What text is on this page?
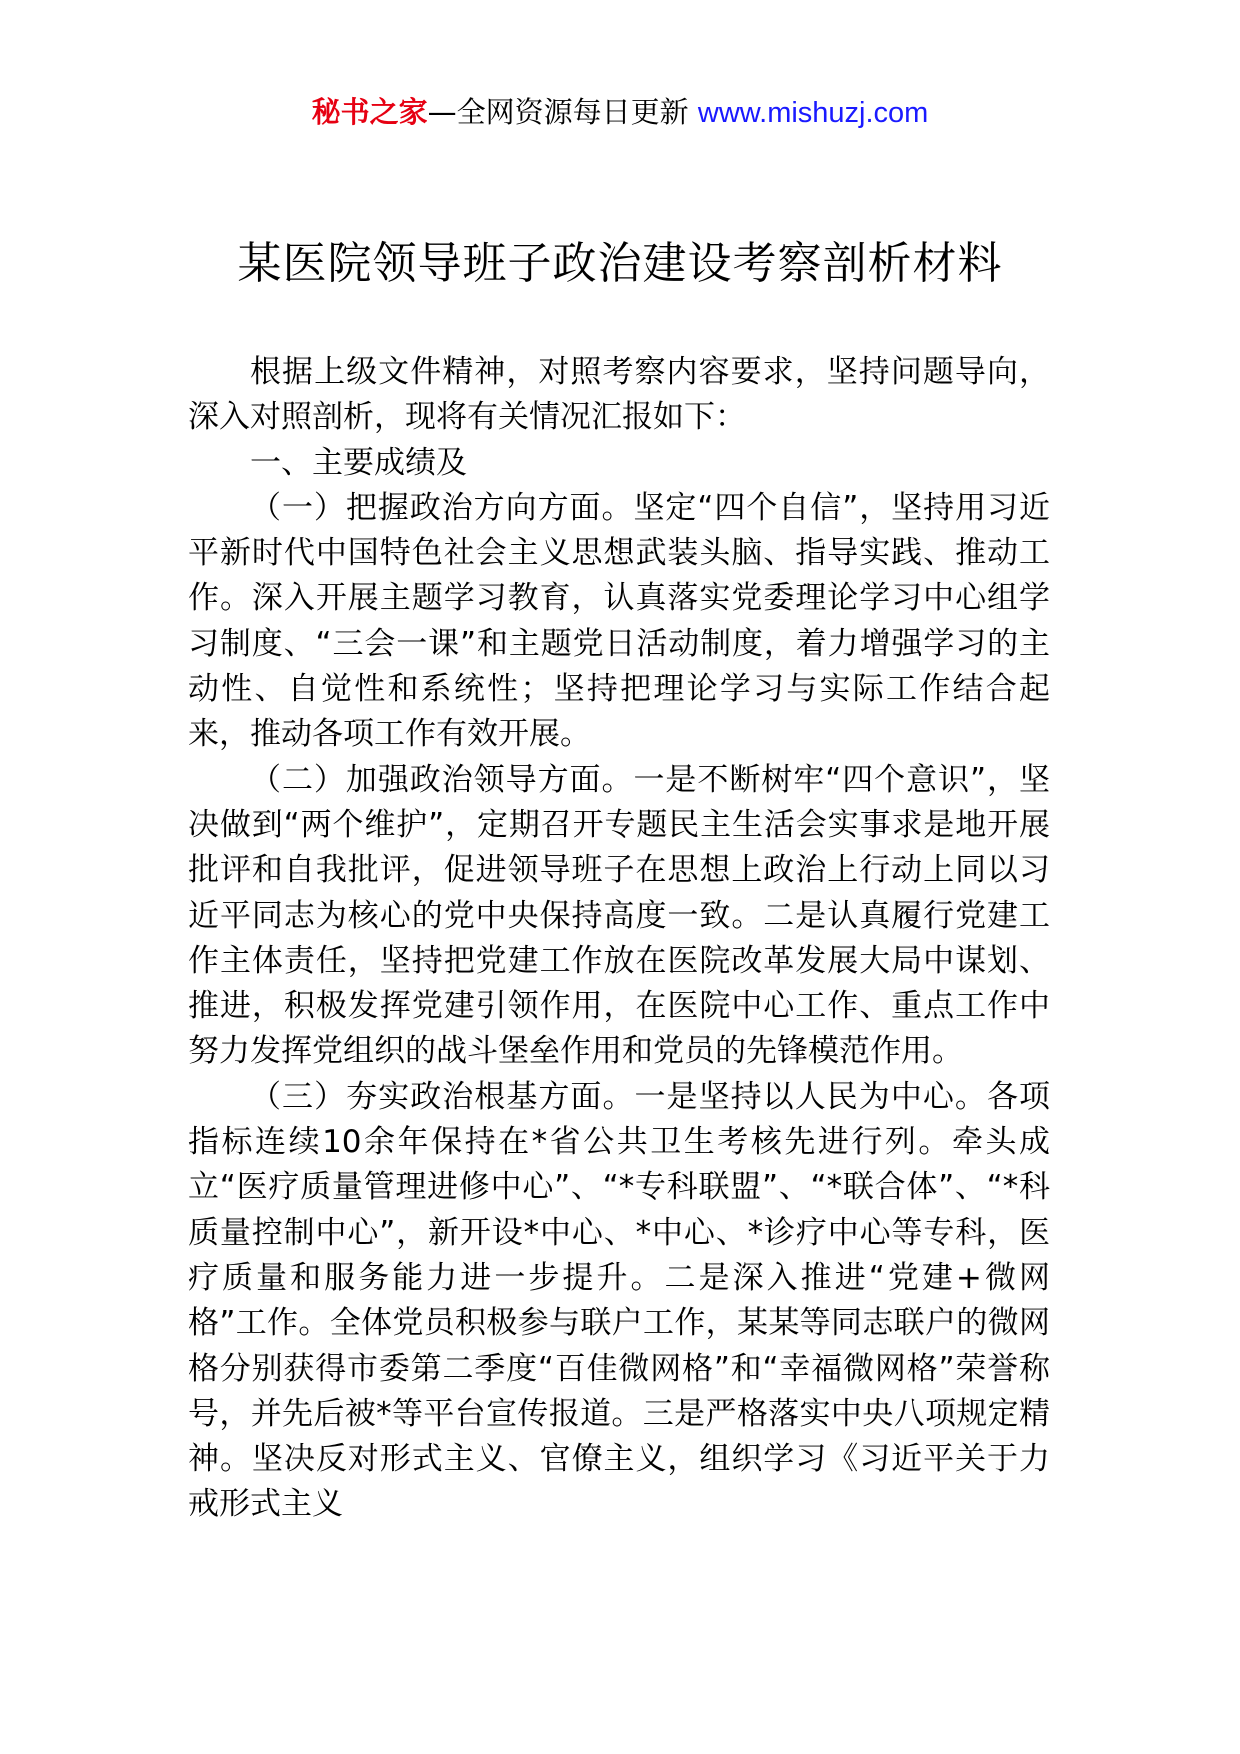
秘书之家—全网资源每日更新 www.mishuzj.com
某医院领导班子政治建设考察剖析材料

根据上级文件精神，对照考察内容要求，坚持问题导向，深入对照剖析，现将有关情况汇报如下：

一、主要成绩及

（一）把握政治方向方面。坚定“四个自信”，坚持用习近平新时代中国特色社会主义思想武装头脑、指导实践、推动工作。深入开展主题学习教育，认真落实党委理论学习中心组学习制度、“三会一课”和主题党日活动制度，着力增强学习的主动性、自觉性和系统性；坚持把理论学习与实际工作结合起来，推动各项工作有效开展。

（二）加强政治领导方面。一是不断树牢“四个意识”，坚决做到“两个维护”，定期召开专题民主生活会实事求是地开展批评和自我批评，促进领导班子在思想上政治上行动上同以习近平同志为核心的党中央保持高度一致。二是认真履行党建工作主体责任，坚持把党建工作放在医院改革发展大局中谋划、推进，积极发挥党建引领作用，在医院中心工作、重点工作中努力发挥党组织的战斗堡垒作用和党员的先锋模范作用。

（三）夯实政治根基方面。一是坚持以人民为中心。各项指标连续10余年保持在*省公共卫生考核先进行列。牵头成立“医疗质量管理进修中心”、“*专科联盟”、“*联合体”、“*科质量控制中心”，新开设*中心、*中心、*诊疗中心等专科，医疗质量和服务能力进一步提升。二是深入推进“党建+微网格”工作。全体党员积极参与联户工作，某某等同志联户的微网格分别获得市委第二季度“百佳微网格”和“幸福微网格”荣誉称号，并先后被*等平台宣传报道。三是严格落实中央八项规定精神。坚决反对形式主义、官僚主义，组织学习《习近平关于力戒形式主义
